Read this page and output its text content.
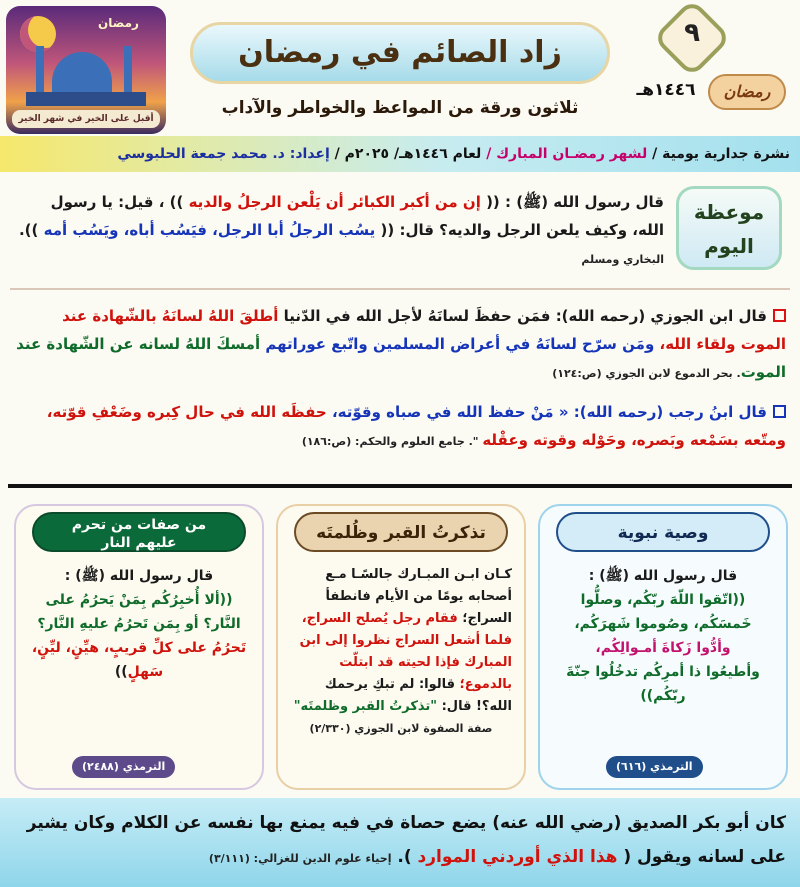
رمضان
أقبل على الخير في شهر الخير
زاد الصائم في رمضان
ثلاثون ورقة من المواعظ والخواطر والآداب
٩
رمضان
١٤٤٦هـ
نشرة جدارية يومية / لشهر رمضـان المبارك / لعام ١٤٤٦هـ/ ٢٠٢٥م / إعداد: د. محمد جمعة الحلبوسي
موعظة
اليوم
قال رسول الله (ﷺ) : (( إن من أكبر الكبائر أن يَلْعن الرجلُ والديه )) ، قيل: يا رسول الله، وكيف يلعن الرجل والديه؟ قال: (( يسُب الرجلُ أبا الرجل، فيَسُب أباه، ويَسُب أمه )). البخاري ومسلم
قال ابن الجوزي (رحمه الله): فمَن حفظَ لسانَهُ لأجل الله في الدّنيا أطلقَ اللهُ لسانَهُ بالشّهادة عند الموت ولقاء الله، ومَن سرّح لسانَهُ في أعراض المسلمين واتّبع عوراتهم أمسكَ اللهُ لسانه عن الشّهادة عند الموت. بحر الدموع لابن الجوزي (ص:١٢٤)
قال ابنُ رجب (رحمه الله): « مَنْ حفظ الله في صباه وقوّته، حفظَه الله في حال كِبره وضَعْفِ قوّته، ومتّعه بسَمْعه وبَصره، وحَوْله وقوته وعقْله ". جامع العلوم والحكم: (ص:١٨٦)
وصية نبوية
قال رسول الله (ﷺ) :
((اتّقوا اللّهَ ربّكُم، وصلُّوا خَمسَكُم، وصُوموا شَهرَكُم،
وأدُّوا زَكاةَ أمـوالِكُم،
وأطيعُوا ذا أمرِكُم تدخُلُوا جنّةَ ربّكُم))
الترمذي (٦١٦)
تذكرتُ القبر وظُلمتَه
كـان ابـن المبـارك جالسًـا مـع أصحابه يومًا من الأيام فانطفأ السراج؛ فقام رجل يُصلح السراج، فلما أشعل السراج نظروا إلى ابن المبارك فإذا لحيته قد ابتلّت بالدموع؛ قالوا: لم تبكِ يرحمك الله؟! قال: "تذكرتُ القبر وظلمتَه"
صفة الصفوة لابن الجوزي (٢/٣٣٠)
من صفات من تحرم
عليهم النار
قال رسول الله (ﷺ) :
((ألا أُخبِرُكُم بِمَنْ يَحرُمُ على النَّار؟ أو بِمَن تَحرُمُ عليهِ النَّار؟ تَحرُمُ على كلِّ قريبٍ، هيِّنٍ، ليِّنٍ، سَهلٍ))
الترمذي (٢٤٨٨)
كان أبو بكر الصديق (رضي الله عنه) يضع حصاة في فيه يمنع بها نفسه عن الكلام وكان يشير على لسانه ويقول ( هذا الذي أوردني الموارد ). إحياء علوم الدين للغزالي: (٣/١١١)
